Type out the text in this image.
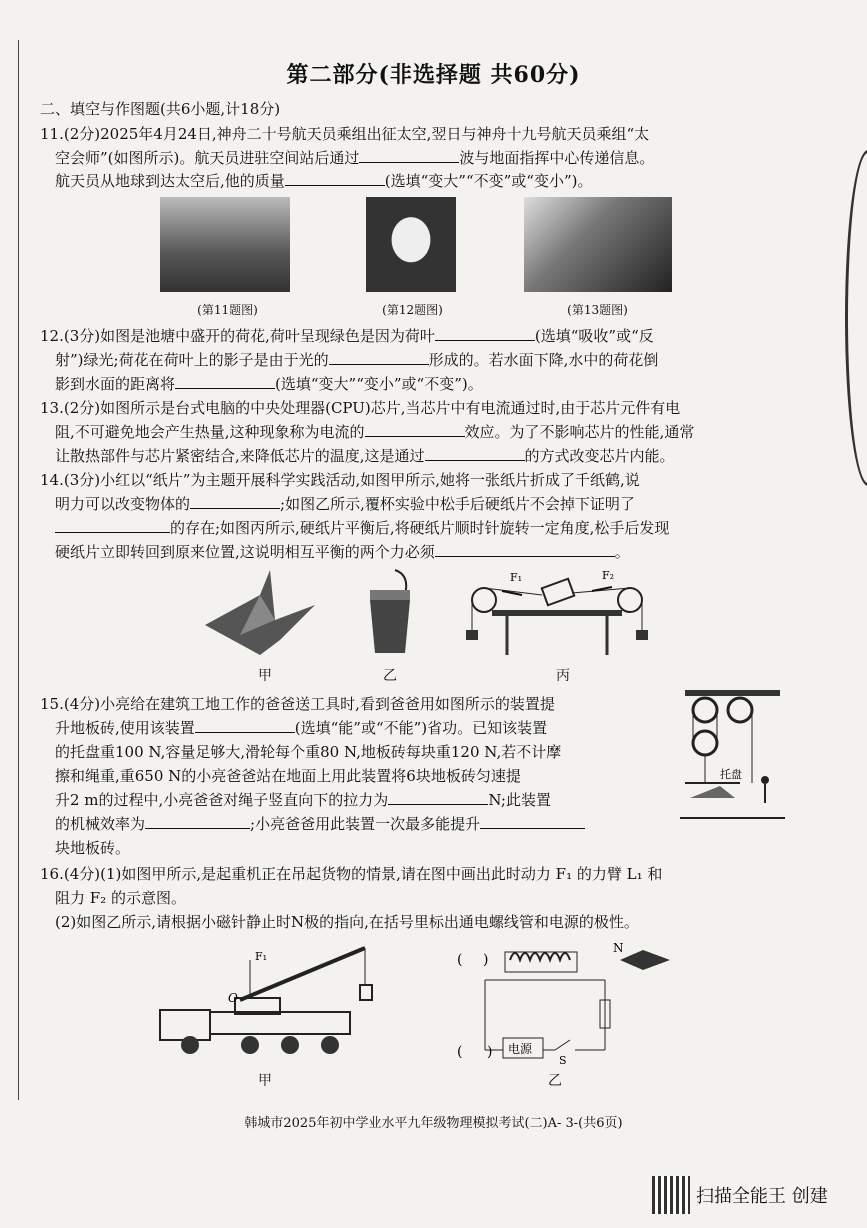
第二部分(非选择题 共60分)
二、填空与作图题(共6小题,计18分)
11.(2分)2025年4月24日,神舟二十号航天员乘组出征太空,翌日与神舟十九号航天员乘组“太
空会师”(如图所示)。航天员进驻空间站后通过	波与地面指挥中心传递信息。
航天员从地球到达太空后,他的质量	(选填“变大”“不变”或“变小”)。
(第11题图)	(第12题图)	(第13题图)
12.(3分)如图是池塘中盛开的荷花,荷叶呈现绿色是因为荷叶	(选填“吸收”或“反
射”)绿光;荷花在荷叶上的影子是由于光的	形成的。若水面下降,水中的荷花倒
影到水面的距离将	(选填“变大”“变小”或“不变”)。
13.(2分)如图所示是台式电脑的中央处理器(CPU)芯片,当芯片中有电流通过时,由于芯片元件有电
阻,不可避免地会产生热量,这种现象称为电流的	效应。为了不影响芯片的性能,通常
让散热部件与芯片紧密结合,来降低芯片的温度,这是通过	的方式改变芯片内能。
14.(3分)小红以“纸片”为主题开展科学实践活动,如图甲所示,她将一张纸片折成了千纸鹤,说
明力可以改变物体的	;如图乙所示,覆杯实验中松手后硬纸片不会掉下证明了
的存在;如图丙所示,硬纸片平衡后,将硬纸片顺时针旋转一定角度,松手后发现
硬纸片立即转回到原来位置,这说明相互平衡的两个力必须	。
F₁	F₂
甲	乙	丙
15.(4分)小亮给在建筑工地工作的爸爸送工具时,看到爸爸用如图所示的装置提
升地板砖,使用该装置	(选填“能”或“不能”)省功。已知该装置
的托盘重100 N,容量足够大,滑轮每个重80 N,地板砖每块重120 N,若不计摩
擦和绳重,重650 N的小亮爸爸站在地面上用此装置将6块地板砖匀速提
升2 m的过程中,小亮爸爸对绳子竖直向下的拉力为	N;此装置
的机械效率为	;小亮爸爸用此装置一次最多能提升
块地板砖。
托盘
16.(4分)(1)如图甲所示,是起重机正在吊起货物的情景,请在图中画出此时动力 F₁ 的力臂 L₁ 和
阻力 F₂ 的示意图。
(2)如图乙所示,请根据小磁针静止时N极的指向,在括号里标出通电螺线管和电源的极性。
F₁
O
甲
( )
( )
N
电源
S
乙
韩城市2025年初中学业水平九年级物理模拟考试(二)A- 3-(共6页)
扫描全能王 创建
